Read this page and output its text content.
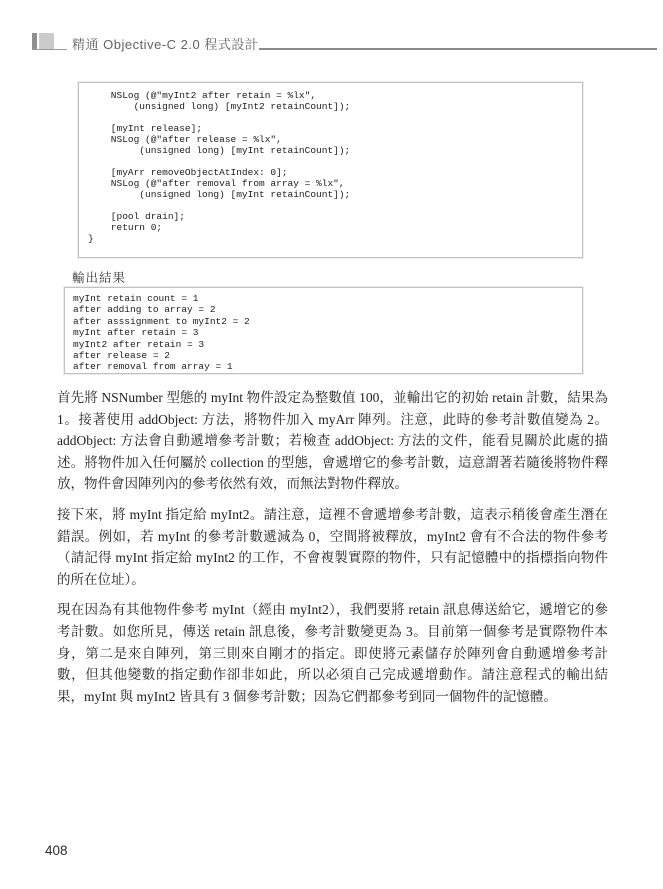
精通 Objective-C 2.0 程式設計
NSLog (@"myInt2 after retain = %lx",
(unsigned long) [myInt2 retainCount]);

[myInt release];
NSLog (@"after release = %lx",
(unsigned long) [myInt retainCount]);

[myArr removeObjectAtIndex: 0];
NSLog (@"after removal from array = %lx",
(unsigned long) [myInt retainCount]);

[pool drain];
return 0;
}
輸出結果
myInt retain count = 1
after adding to array = 2
after asssignment to myInt2 = 2
myInt after retain = 3
myInt2 after retain = 3
after release = 2
after removal from array = 1

首先將 NSNumber 型態的 myInt 物件設定為整數值 100，並輸出它的初始 retain 計數，結果為 1。接著使用 addObject: 方法，將物件加入 myArr 陣列。注意，此時的參考計數值變為 2。addObject: 方法會自動遞增參考計數；若檢查 addObject: 方法的文件，能看見關於此處的描述。將物件加入任何屬於 collection 的型態，會遞增它的參考計數，這意謂著若隨後將物件釋放，物件會因陣列內的參考依然有效，而無法對物件釋放。

接下來，將 myInt 指定給 myInt2。請注意，這裡不會遞增參考計數，這表示稍後會產生潛在錯誤。例如，若 myInt 的參考計數遞減為 0，空間將被釋放，myInt2 會有不合法的物件參考（請記得 myInt 指定給 myInt2 的工作，不會複製實際的物件，只有記憶體中的指標指向物件的所在位址）。

現在因為有其他物件參考 myInt（經由 myInt2），我們要將 retain 訊息傳送給它，遞增它的參考計數。如您所見，傳送 retain 訊息後，參考計數變更為 3。目前第一個參考是實際物件本身，第二是來自陣列，第三則來自剛才的指定。即使將元素儲存於陣列會自動遞增參考計數，但其他變數的指定動作卻非如此，所以必須自己完成遞增動作。請注意程式的輸出結果，myInt 與 myInt2 皆具有 3 個參考計數；因為它們都參考到同一個物件的記憶體。

408
